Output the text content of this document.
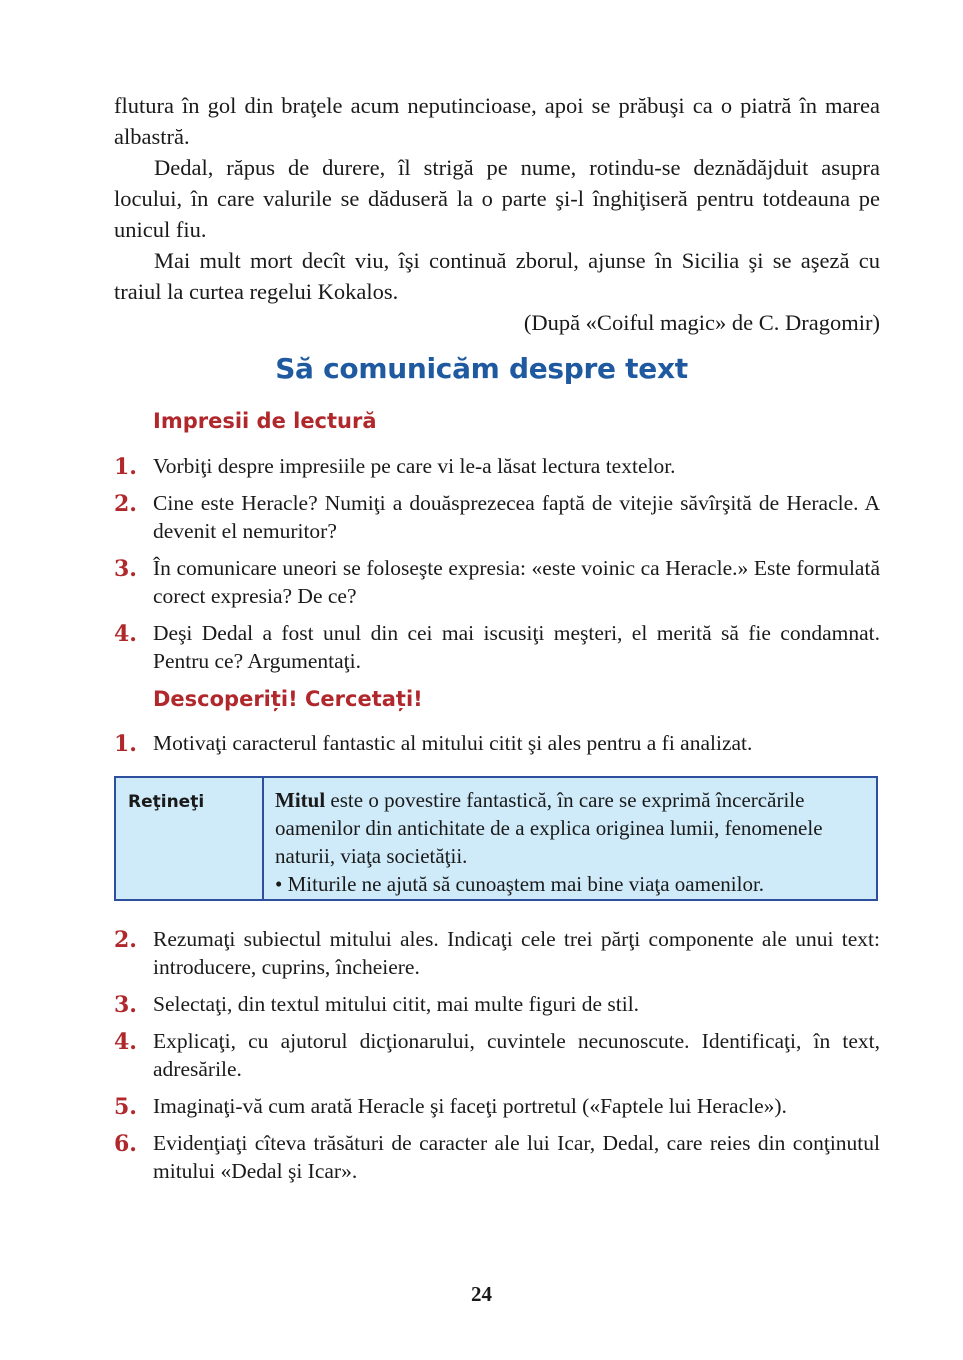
flutura în gol din braţele acum neputincioase, apoi se prăbuşi ca o piatră în marea albastră.

Dedal, răpus de durere, îl strigă pe nume, rotindu-se deznădăjduit asupra locului, în care valurile se dăduseră la o parte şi-l înghiţiseră pentru totdeauna pe unicul fiu.

Mai mult mort decît viu, îşi continuă zborul, ajunse în Sicilia şi se aşeză cu traiul la curtea regelui Kokalos.

(După «Coiful magic» de C. Dragomir)

Să comunicăm despre text
Impresii de lectură
1. Vorbiţi despre impresiile pe care vi le-a lăsat lectura textelor.
2. Cine este Heracle? Numiţi a douăsprezecea faptă de vitejie săvîrşită de Heracle. A devenit el nemuritor?
3. În comunicare uneori se foloseşte expresia: «este voinic ca Heracle.» Este formulată corect expresia? De ce?
4. Deşi Dedal a fost unul din cei mai iscusiţi meşteri, el merită să fie condamnat. Pentru ce? Argumentaţi.
Descoperiți! Cercetați!
1. Motivaţi caracterul fantastic al mitului citit şi ales pentru a fi analizat.
Reţineţi	Mitul este o povestire fantastică, în care se exprimă încercările oamenilor din antichitate de a explica originea lumii, fenomenele naturii, viaţa societăţii.

• Miturile ne ajută să cunoaştem mai bine viaţa oamenilor.

2. Rezumaţi subiectul mitului ales. Indicaţi cele trei părţi componente ale unui text: introducere, cuprins, încheiere.
3. Selectaţi, din textul mitului citit, mai multe figuri de stil.
4. Explicaţi, cu ajutorul dicţionarului, cuvintele necunoscute. Identificaţi, în text, adresările.
5. Imaginaţi-vă cum arată Heracle şi faceţi portretul («Faptele lui Heracle»).
6. Evidenţiaţi cîteva trăsături de caracter ale lui Icar, Dedal, care reies din conţinutul mitului «Dedal şi Icar».
24
